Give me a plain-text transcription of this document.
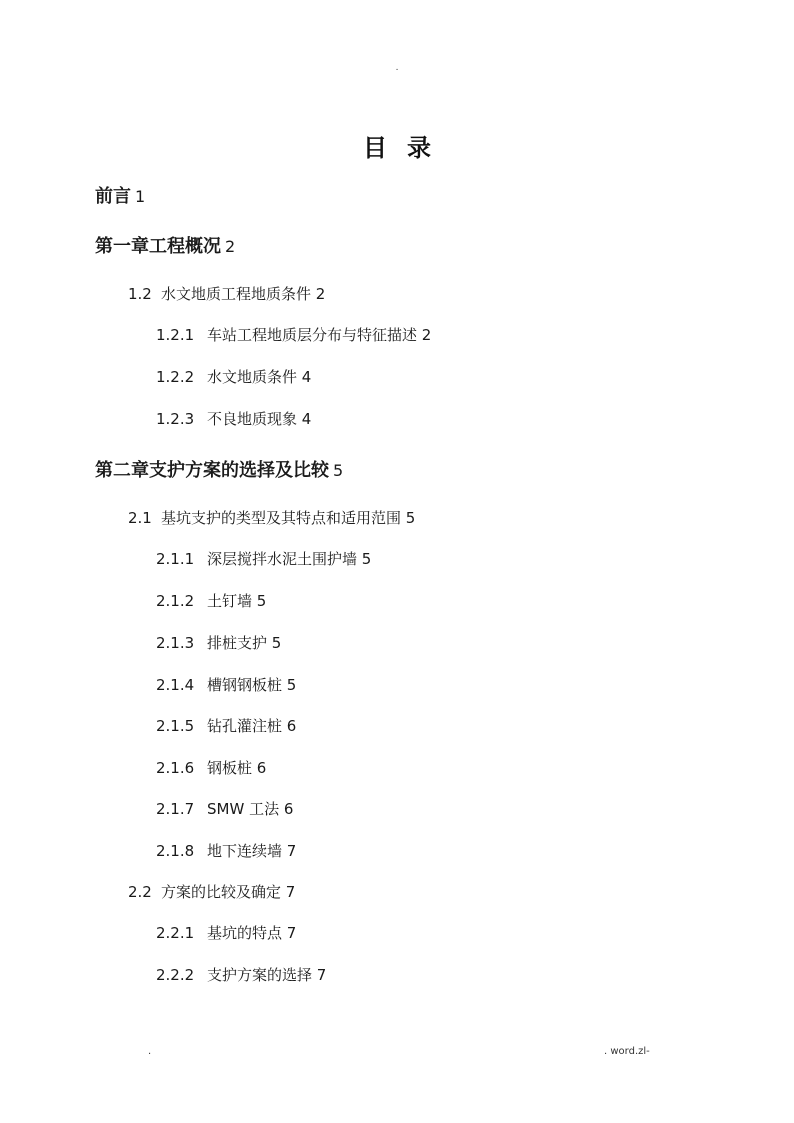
.
目录
前言 1
第一章工程概况 2
1.2 水文地质工程地质条件 2
1.2.1 车站工程地质层分布与特征描述 2
1.2.2 水文地质条件 4
1.2.3 不良地质现象 4
第二章支护方案的选择及比较 5
2.1 基坑支护的类型及其特点和适用范围 5
2.1.1 深层搅拌水泥土围护墙 5
2.1.2 土钉墙 5
2.1.3 排桩支护 5
2.1.4 槽钢钢板桩 5
2.1.5 钻孔灌注桩 6
2.1.6 钢板桩 6
2.1.7 SMW 工法 6
2.1.8 地下连续墙 7
2.2 方案的比较及确定 7
2.2.1 基坑的特点 7
2.2.2 支护方案的选择 7
.	. word.zl-
